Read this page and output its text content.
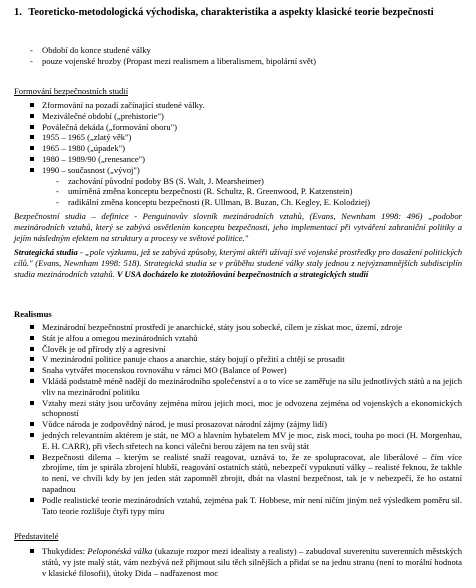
1. Teoreticko-metodologická východiska, charakteristika a aspekty klasické teorie bezpečnosti
- Období do konce studené války
- pouze vojenské hrozby (Propast mezi realismem a liberalismem, bipolární svět)
Formování bezpečnostních studií
Zformování na pozadí začínající studené války.
Meziválečné období („prehistorie")
Poválečná dekáda („formování oboru")
1955 – 1965 („zlatý věk")
1965 – 1980 („úpadek")
1980 – 1989/90 („renesance")
1990 – současnost („vývoj")
- zachování původní podoby BS (S. Walt, J. Mearsheimer)
- umírněná změna konceptu bezpečnosti (R. Schultz, R. Greenwood, P. Katzenstein)
- radikální změna konceptu bezpečnosti (R. Ullman, B. Buzan, Ch. Kegley, E. Kolodziej)
Bezpečnostní studia – definice - Penguinovův slovník mezinárodních vztahů, (Evans, Newnham 1998: 496) „podobor mezinárodních vztahů, který se zabývá osvětlením konceptu bezpečnosti, jeho implementací při vytváření zahraniční politiky a jejím následným efektem na struktury a procesy ve světové politice."
Strategická studia - „pole výzkumu, jež se zabývá způsoby, kterými aktéři užívají své vojenské prostředky pro dosažení politických cílů." (Evans, Newnham 1998: 518). Strategická studia se v průběhu studené války staly jednou z nejvýznamnějších subdisciplín studia mezinárodních vztahů. V USA docházelo ke ztotožňování bezpečnostních a strategických studií
Realismus
Mezinárodní bezpečnostní prostředí je anarchické, státy jsou sobecké, cílem je získat moc, území, zdroje
Stát je alfou a omegou mezinárodních vztahů
Člověk je od přírody zlý a agresivní
V mezinárodní politice panuje chaos a anarchie, státy bojují o přežití a chtějí se prosadit
Snaha vytvářet mocenskou rovnováhu v rámci MO (Balance of Power)
Vkládá podstatně méně nadějí do mezinárodního společenství a o to více se zaměřuje na sílu jednotlivých států a na jejich vliv na mezinárodní politiku
Vztahy mezi státy jsou určovány zejména mírou jejich moci, moc je odvozena zejména od vojenských a ekonomických schopností
Vůdce národa je zodpovědný národ, je musí prosazovat národní zájmy (zájmy lidí)
jedných relevantním aktérem je stát, ne MO a hlavním hybatelem MV je moc, zisk moci, touha po moci (H. Morgenhau, E. H. CARR), při všech střetech na konci válečni berou zájem na ten svůj stát
Bezpečnosti dilema – kterým se realisté snaží reagovat, uznává to, že ze spolupracovat, ale liberálové – čím více zbrojíme, tím je spirála zbrojení hlubší, reagování ostatních států, nebezpečí vypuknutí války – realisté řeknou, že takhle to není, ve chvíli kdy by jen jeden stát zapomněl zbrojit, dbát na vlastní bezpečnost, tak je v nebezpečí, že ho ostatní napadnou
Podle realistické teorie mezinárodních vztahů, zejména pak T. Hobbese, mír není ničím jiným než výsledkem poměru sil. Tato teorie rozlišuje čtyři typy míru
Představitelé
Thukydides: Peloponéská válka (ukazuje rozpor mezi idealisty a realisty) – zabudoval suverenitu suverenních městských států, vy jste malý stát, vám nezbývá než přijmout silu těch silnějších a přidat se na jednu stranu (není to morální hodnota v klasické filosofii), útoky Dida – nadřazenost moc
